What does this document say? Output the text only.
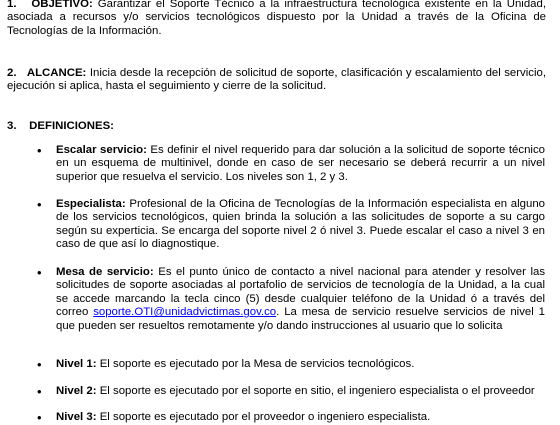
1. OBJETIVO: Garantizar el Soporte Técnico a la infraestructura tecnológica existente en la Unidad, asociada a recursos y/o servicios tecnológicos dispuesto por la Unidad a través de la Oficina de Tecnologías de la Información.
2. ALCANCE: Inicia desde la recepción de solicitud de soporte, clasificación y escalamiento del servicio, ejecución si aplica, hasta el seguimiento y cierre de la solicitud.
3. DEFINICIONES:
•	Escalar servicio: Es definir el nivel requerido para dar solución a la solicitud de soporte técnico en un esquema de multinivel, donde en caso de ser necesario se deberá recurrir a un nivel superior que resuelva el servicio. Los niveles son 1, 2 y 3.
•	Especialista: Profesional de la Oficina de Tecnologías de la Información especialista en alguno de los servicios tecnológicos, quien brinda la solución a las solicitudes de soporte a su cargo según su experticia. Se encarga del soporte nivel 2 ó nivel 3. Puede escalar el caso a nivel 3 en caso de que así lo diagnostique.
•	Mesa de servicio: Es el punto único de contacto a nivel nacional para atender y resolver las solicitudes de soporte asociadas al portafolio de servicios de tecnología de la Unidad, a la cual se accede marcando la tecla cinco (5) desde cualquier teléfono de la Unidad ó a través del correo soporte.OTI@unidadvictimas.gov.co. La mesa de servicio resuelve servicios de nivel 1 que pueden ser resueltos remotamente y/o dando instrucciones al usuario que lo solicita
•	Nivel 1: El soporte es ejecutado por la Mesa de servicios tecnológicos.
•	Nivel 2: El soporte es ejecutado por el soporte en sitio, el ingeniero especialista o el proveedor
•	Nivel 3: El soporte es ejecutado por el proveedor o ingeniero especialista.
